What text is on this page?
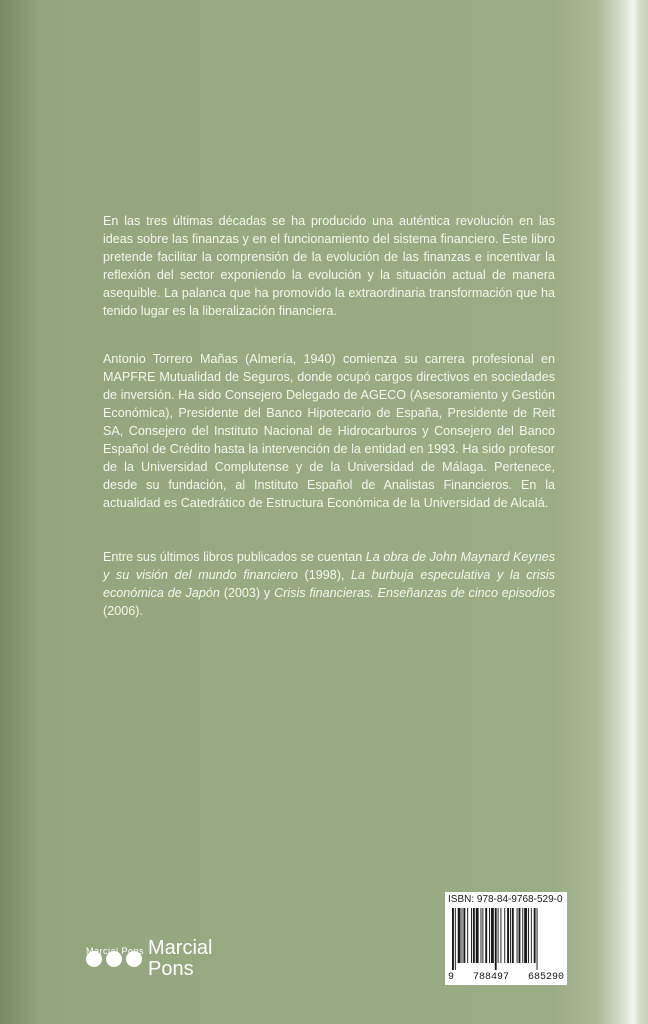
En las tres últimas décadas se ha producido una auténtica revolución en las ideas sobre las finanzas y en el funcionamiento del sistema financiero. Este libro pretende facilitar la comprensión de la evolución de las finanzas e incentivar la reflexión del sector exponiendo la evolución y la situación actual de manera asequible. La palanca que ha promovido la extraordinaria transformación que ha tenido lugar es la liberalización financiera.

Antonio Torrero Mañas (Almería, 1940) comienza su carrera profesional en MAPFRE Mutualidad de Seguros, donde ocupó cargos directivos en sociedades de inversión. Ha sido Consejero Delegado de AGECO (Asesoramiento y Gestión Económica), Presidente del Banco Hipotecario de España, Presidente de Reit SA, Consejero del Instituto Nacional de Hidrocarburos y Consejero del Banco Español de Crédito hasta la intervención de la entidad en 1993. Ha sido profesor de la Universidad Complutense y de la Universidad de Málaga. Pertenece, desde su fundación, al Instituto Español de Analistas Financieros. En la actualidad es Catedrático de Estructura Económica de la Universidad de Alcalá.

Entre sus últimos libros publicados se cuentan La obra de John Maynard Keynes y su visión del mundo financiero (1998), La burbuja especulativa y la crisis económica de Japón (2003) y Crisis financieras. Enseñanzas de cinco episodios (2006).

Marcial Pons Marcial
Pons
ISBN: 978-84-9768-529-0
9 788497 685290
